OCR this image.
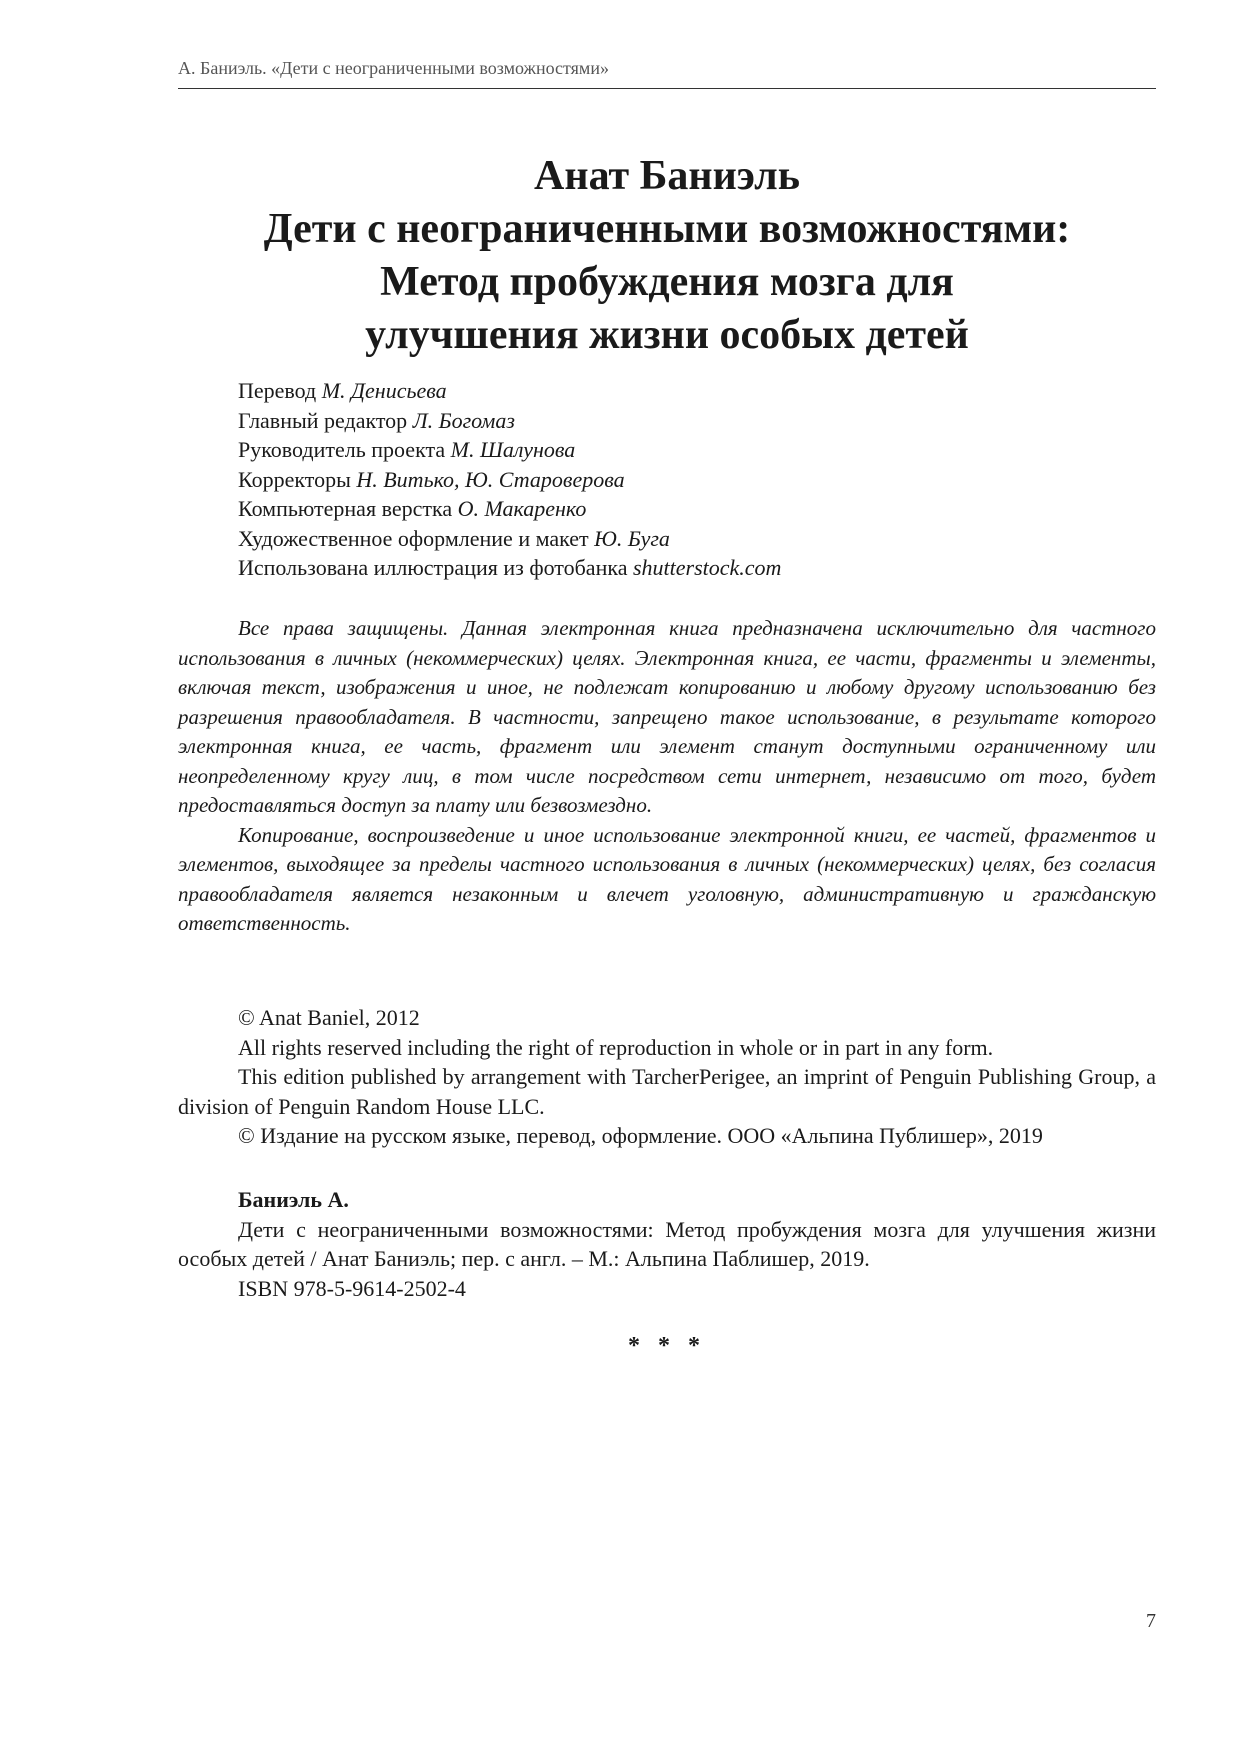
А. Баниэль. «Дети с неограниченными возможностями»
Анат Баниэль
Дети с неограниченными возможностями:
Метод пробуждения мозга для
улучшения жизни особых детей
Перевод М. Денисьева
Главный редактор Л. Богомаз
Руководитель проекта М. Шалунова
Корректоры Н. Витько, Ю. Староверова
Компьютерная верстка О. Макаренко
Художественное оформление и макет Ю. Буга
Использована иллюстрация из фотобанка shutterstock.com

Все права защищены. Данная электронная книга предназначена исключительно для частного использования в личных (некоммерческих) целях. Электронная книга, ее части, фрагменты и элементы, включая текст, изображения и иное, не подлежат копированию и любому другому использованию без разрешения правообладателя. В частности, запрещено такое использование, в результате которого электронная книга, ее часть, фрагмент или элемент станут доступными ограниченному или неопределенному кругу лиц, в том числе посредством сети интернет, независимо от того, будет предоставляться доступ за плату или безвозмездно.

Копирование, воспроизведение и иное использование электронной книги, ее частей, фрагментов и элементов, выходящее за пределы частного использования в личных (некоммерческих) целях, без согласия правообладателя является незаконным и влечет уголовную, административную и гражданскую ответственность.

© Anat Baniel, 2012

All rights reserved including the right of reproduction in whole or in part in any form.

This edition published by arrangement with TarcherPerigee, an imprint of Penguin Publishing Group, a division of Penguin Random House LLC.

© Издание на русском языке, перевод, оформление. ООО «Альпина Публишер», 2019

Баниэль А.

Дети с неограниченными возможностями: Метод пробуждения мозга для улучшения жизни особых детей / Анат Баниэль; пер. с англ. – М.: Альпина Паблишер, 2019.

ISBN 978-5-9614-2502-4

* * *
7
